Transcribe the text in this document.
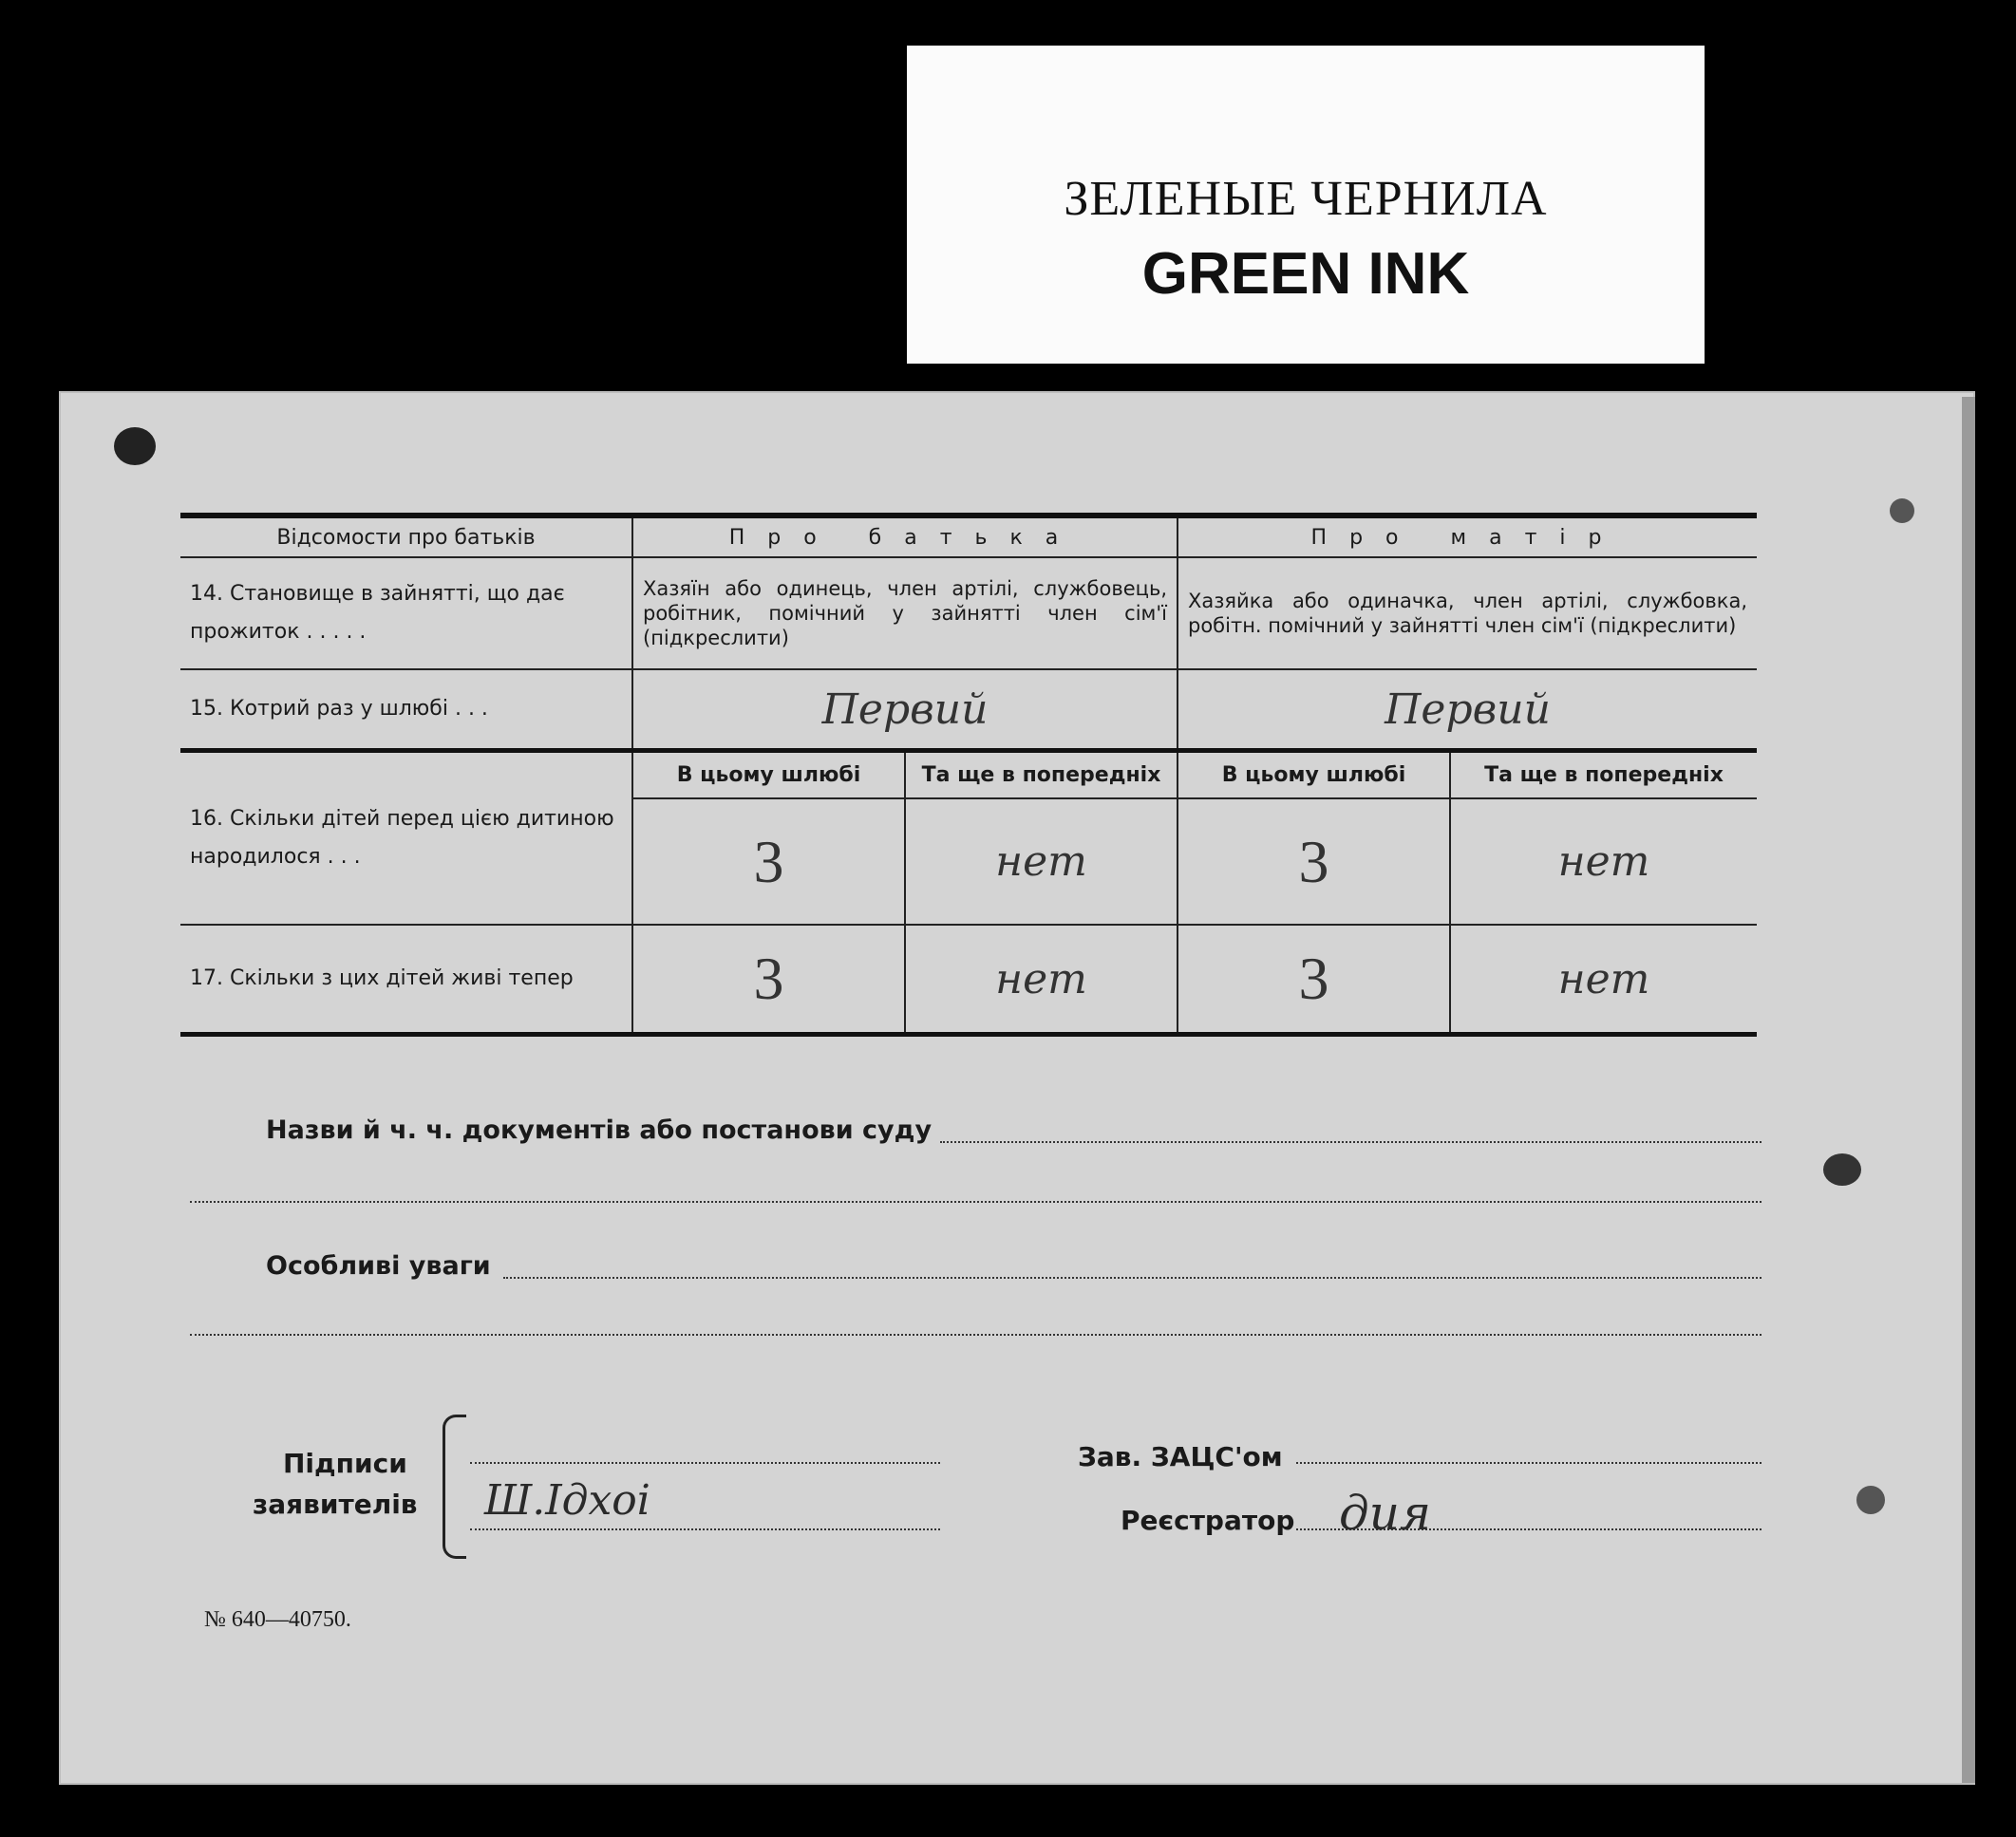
ЗЕЛЕНЫЕ ЧЕРНИЛА
GREEN INK
Відсомости про батьків	Про батька		Про матір	
14. Становище в зайнятті, що дає прожиток . . . . .	Хазяїн або одинець, член артілі, службовець, робітник, помічний у зайнятті член сім'ї (підкреслити)		Хазяйка або одиначка, член артілі, службовка, робітн. помічний у зайнятті член сім'ї (підкреслити)	
15. Котрий раз у шлюбі . . .	Первий		Первий	
16. Скільки дітей перед цією дитиною народилося . . .	В цьому шлюбі	Та ще в попередніх	В цьому шлюбі	Та ще в попередніх
	3	нет	3	нет
17. Скільки з цих дітей живі тепер	3	нет	3	нет
Назви й ч. ч. документів або постанови суду
Особливі уваги
Підписи
заявителів Ш.Ідхоі
Зав. ЗАЦС'ом
Реєстратор дия
№ 640—40750.
